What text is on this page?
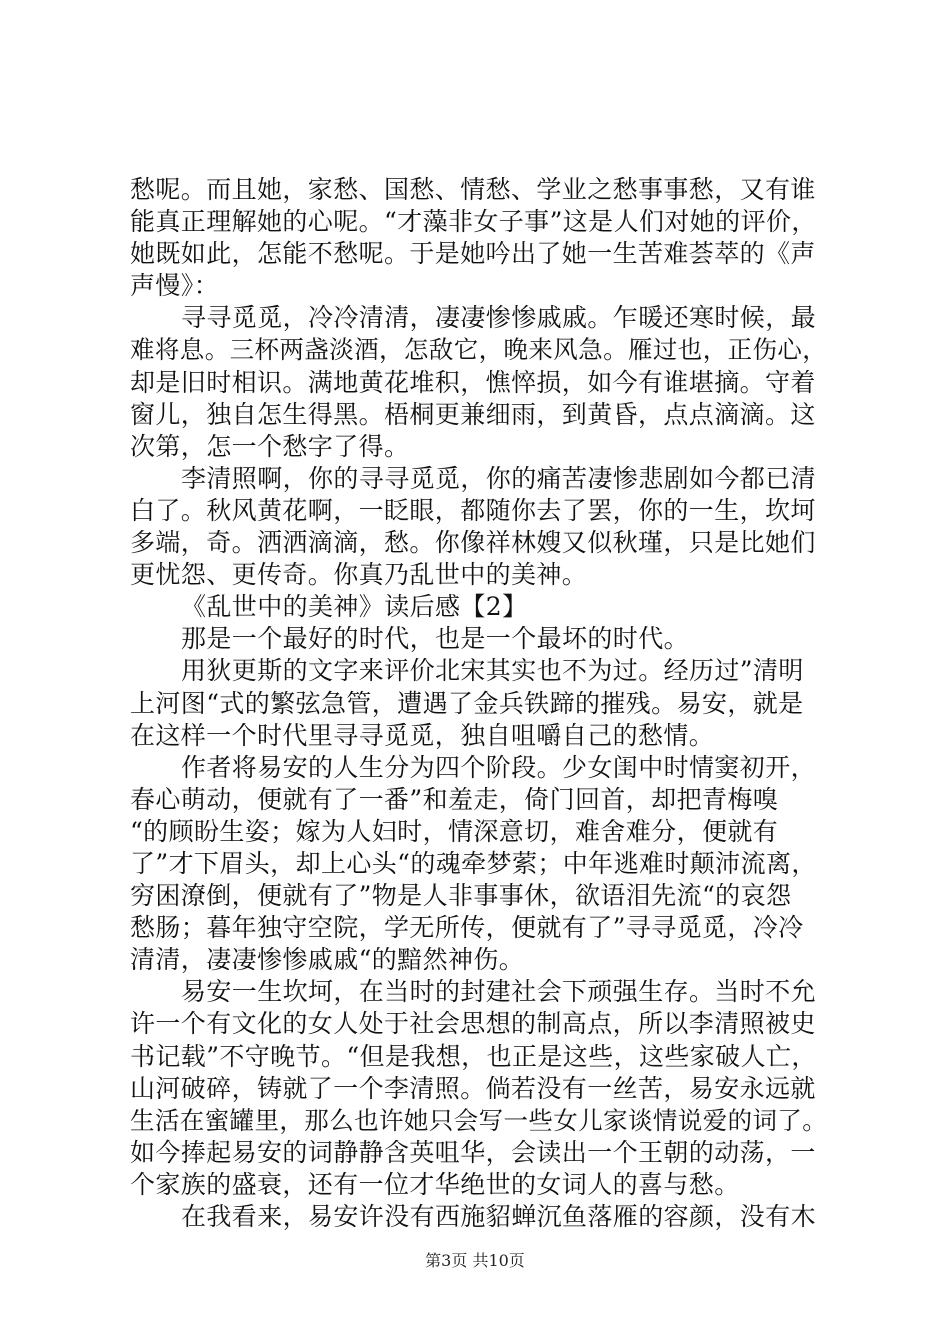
愁呢。而且她，家愁、国愁、情愁、学业之愁事事愁，又有谁
能真正理解她的心呢。“才藻非女子事”这是人们对她的评价，
她既如此，怎能不愁呢。于是她吟出了她一生苦难荟萃的《声
声慢》：
寻寻觅觅，冷冷清清，凄凄惨惨戚戚。乍暖还寒时候，最
难将息。三杯两盏淡酒，怎敌它，晚来风急。雁过也，正伤心，
却是旧时相识。满地黄花堆积，憔悴损，如今有谁堪摘。守着
窗儿，独自怎生得黑。梧桐更兼细雨，到黄昏，点点滴滴。这
次第，怎一个愁字了得。
李清照啊，你的寻寻觅觅，你的痛苦凄惨悲剧如今都已清
白了。秋风黄花啊，一眨眼，都随你去了罢，你的一生，坎坷
多端，奇。洒洒滴滴，愁。你像祥林嫂又似秋瑾，只是比她们
更忧怨、更传奇。你真乃乱世中的美神。
《乱世中的美神》读后感【2】
那是一个最好的时代，也是一个最坏的时代。
用狄更斯的文字来评价北宋其实也不为过。经历过”清明
上河图“式的繁弦急管，遭遇了金兵铁蹄的摧残。易安，就是
在这样一个时代里寻寻觅觅，独自咀嚼自己的愁情。
作者将易安的人生分为四个阶段。少女闺中时情窦初开，
春心萌动，便就有了一番”和羞走，倚门回首，却把青梅嗅
“的顾盼生姿；嫁为人妇时，情深意切，难舍难分，便就有
了”才下眉头，却上心头“的魂牵梦萦；中年逃难时颠沛流离，
穷困潦倒，便就有了”物是人非事事休，欲语泪先流“的哀怨
愁肠；暮年独守空院，学无所传，便就有了”寻寻觅觅，冷冷
清清，凄凄惨惨戚戚“的黯然神伤。
易安一生坎坷，在当时的封建社会下顽强生存。当时不允
许一个有文化的女人处于社会思想的制高点，所以李清照被史
书记载”不守晚节。“但是我想，也正是这些，这些家破人亡，
山河破碎，铸就了一个李清照。倘若没有一丝苦，易安永远就
生活在蜜罐里，那么也许她只会写一些女儿家谈情说爱的词了。
如今捧起易安的词静静含英咀华，会读出一个王朝的动荡，一
个家族的盛衰，还有一位才华绝世的女词人的喜与愁。
在我看来，易安许没有西施貂蝉沉鱼落雁的容颜，没有木
第3页 共10页
